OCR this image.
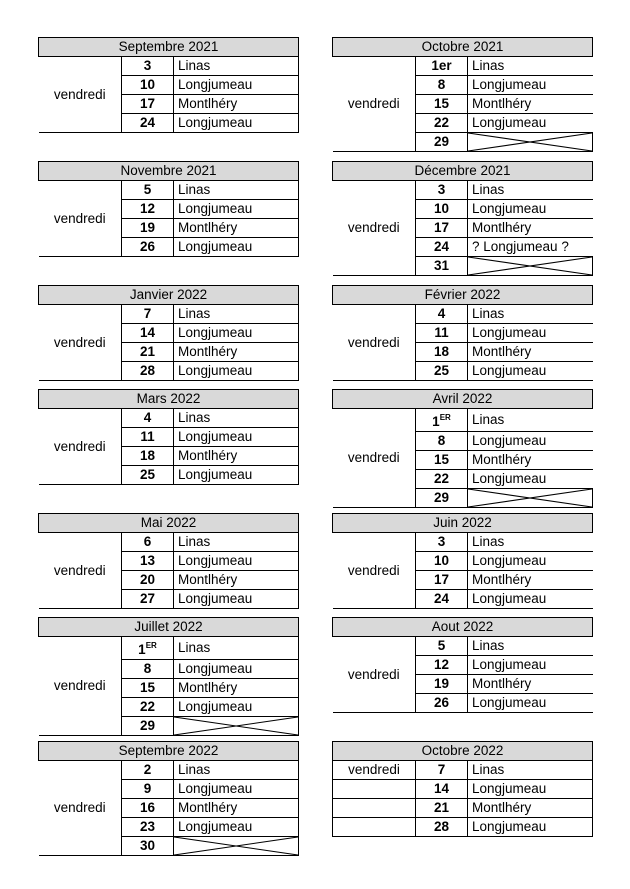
Septembre 2021		
vendredi	3	Linas
	10	Longjumeau
	17	Montlhéry
	24	Longjumeau
Octobre 2021		
vendredi	1er	Linas
	8	Longjumeau
	15	Montlhéry
	22	Longjumeau
	29	
Novembre 2021		
vendredi	5	Linas
	12	Longjumeau
	19	Montlhéry
	26	Longjumeau
Décembre 2021		
vendredi	3	Linas
	10	Longjumeau
	17	Montlhéry
	24	? Longjumeau ?
	31	
Janvier 2022		
vendredi	7	Linas
	14	Longjumeau
	21	Montlhéry
	28	Longjumeau
Février 2022		
vendredi	4	Linas
	11	Longjumeau
	18	Montlhéry
	25	Longjumeau
Mars 2022		
vendredi	4	Linas
	11	Longjumeau
	18	Montlhéry
	25	Longjumeau
Avril 2022		
vendredi	1ER	Linas
	8	Longjumeau
	15	Montlhéry
	22	Longjumeau
	29	
Mai 2022		
vendredi	6	Linas
	13	Longjumeau
	20	Montlhéry
	27	Longjumeau
Juin 2022		
vendredi	3	Linas
	10	Longjumeau
	17	Montlhéry
	24	Longjumeau
Juillet 2022		
vendredi	1ER	Linas
	8	Longjumeau
	15	Montlhéry
	22	Longjumeau
	29	
Aout 2022		
vendredi	5	Linas
	12	Longjumeau
	19	Montlhéry
	26	Longjumeau
Septembre 2022		
vendredi	2	Linas
	9	Longjumeau
	16	Montlhéry
	23	Longjumeau
	30	
Octobre 2022		
vendredi	7	Linas
	14	Longjumeau
	21	Montlhéry
	28	Longjumeau
